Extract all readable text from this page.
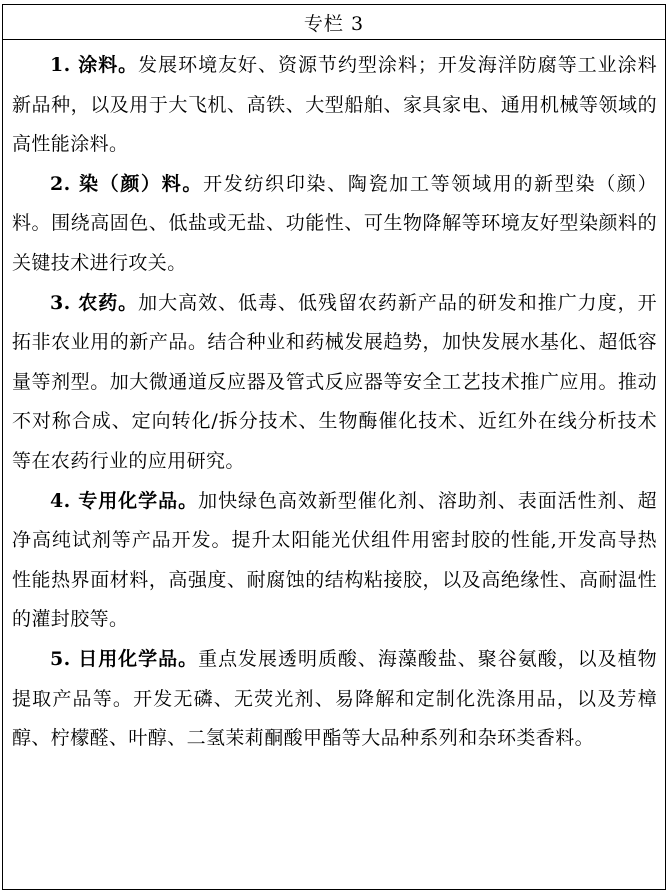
专栏 3

1. 涂料。发展环境友好、资源节约型涂料；开发海洋防腐等工业涂料新品种，以及用于大飞机、高铁、大型船舶、家具家电、通用机械等领域的高性能涂料。

2. 染（颜）料。开发纺织印染、陶瓷加工等领域用的新型染（颜）料。围绕高固色、低盐或无盐、功能性、可生物降解等环境友好型染颜料的关键技术进行攻关。

3. 农药。加大高效、低毒、低残留农药新产品的研发和推广力度，开拓非农业用的新产品。结合种业和药械发展趋势，加快发展水基化、超低容量等剂型。加大微通道反应器及管式反应器等安全工艺技术推广应用。推动不对称合成、定向转化/拆分技术、生物酶催化技术、近红外在线分析技术等在农药行业的应用研究。

4. 专用化学品。加快绿色高效新型催化剂、溶助剂、表面活性剂、超净高纯试剂等产品开发。提升太阳能光伏组件用密封胶的性能,开发高导热性能热界面材料，高强度、耐腐蚀的结构粘接胶，以及高绝缘性、高耐温性的灌封胶等。

5. 日用化学品。重点发展透明质酸、海藻酸盐、聚谷氨酸，以及植物提取产品等。开发无磷、无荧光剂、易降解和定制化洗涤用品，以及芳樟醇、柠檬醛、叶醇、二氢茉莉酮酸甲酯等大品种系列和杂环类香料。
